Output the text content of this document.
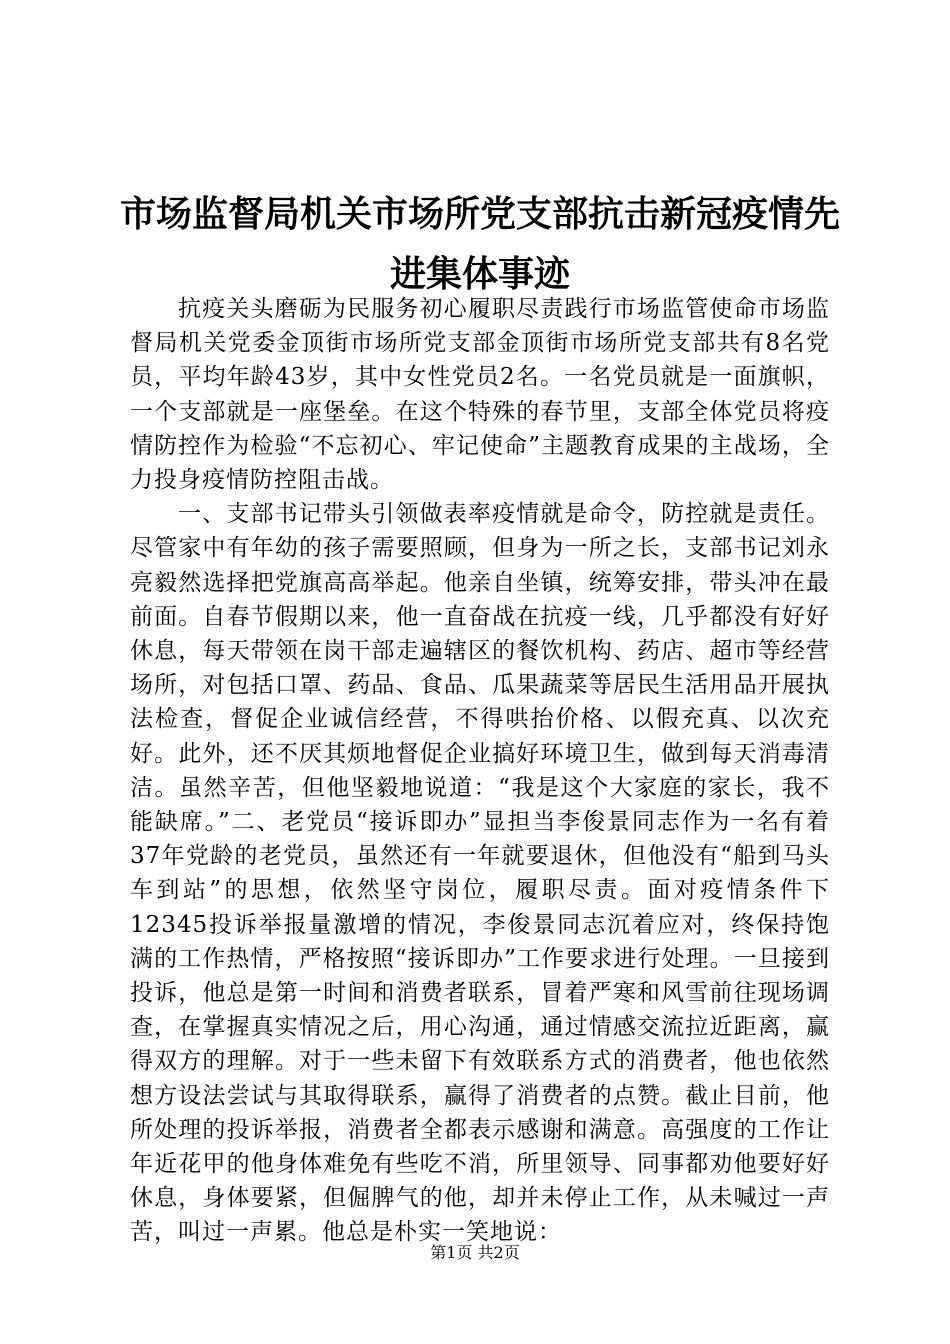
市场监督局机关市场所党支部抗击新冠疫情先
进集体事迹

抗疫关头磨砺为民服务初心履职尽责践行市场监管使命市场监督局机关党委金顶街市场所党支部金顶街市场所党支部共有8名党员，平均年龄43岁，其中女性党员2名。一名党员就是一面旗帜，一个支部就是一座堡垒。在这个特殊的春节里，支部全体党员将疫情防控作为检验“不忘初心、牢记使命”主题教育成果的主战场，全力投身疫情防控阻击战。

一、支部书记带头引领做表率疫情就是命令，防控就是责任。尽管家中有年幼的孩子需要照顾，但身为一所之长，支部书记刘永亮毅然选择把党旗高高举起。他亲自坐镇，统筹安排，带头冲在最前面。自春节假期以来，他一直奋战在抗疫一线，几乎都没有好好休息，每天带领在岗干部走遍辖区的餐饮机构、药店、超市等经营场所，对包括口罩、药品、食品、瓜果蔬菜等居民生活用品开展执法检查，督促企业诚信经营，不得哄抬价格、以假充真、以次充好。此外，还不厌其烦地督促企业搞好环境卫生，做到每天消毒清洁。虽然辛苦，但他坚毅地说道：“我是这个大家庭的家长，我不能缺席。”二、老党员“接诉即办”显担当李俊景同志作为一名有着37年党龄的老党员，虽然还有一年就要退休，但他没有“船到马头车到站”的思想，依然坚守岗位，履职尽责。面对疫情条件下12345投诉举报量激增的情况，李俊景同志沉着应对，终保持饱满的工作热情，严格按照“接诉即办”工作要求进行处理。一旦接到投诉，他总是第一时间和消费者联系，冒着严寒和风雪前往现场调查，在掌握真实情况之后，用心沟通，通过情感交流拉近距离，赢得双方的理解。对于一些未留下有效联系方式的消费者，他也依然想方设法尝试与其取得联系，赢得了消费者的点赞。截止目前，他所处理的投诉举报，消费者全都表示感谢和满意。高强度的工作让年近花甲的他身体难免有些吃不消，所里领导、同事都劝他要好好休息，身体要紧，但倔脾气的他，却并未停止工作，从未喊过一声苦，叫过一声累。他总是朴实一笑地说：

第1页 共2页
